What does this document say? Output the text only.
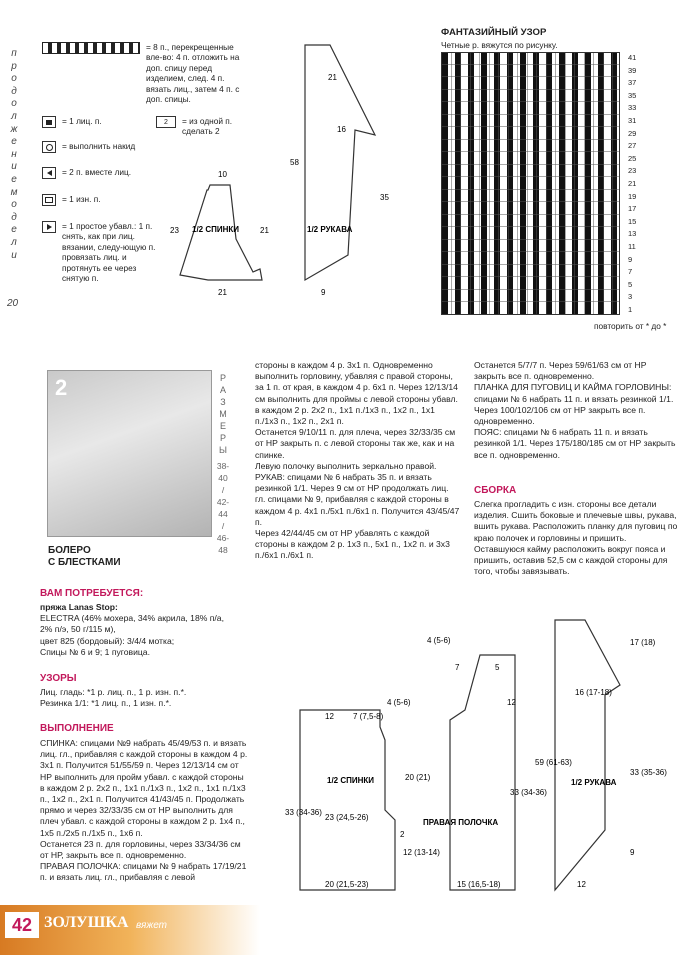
п
р
о
д
о
л
ж
е
н
и
е
м
о
д
е
л
и
20
= 8 п., перекрещенные вле-во: 4 п. отложить на доп. спицу перед изделием, след. 4 п. вязать лиц., затем 4 п. с доп. спицы.
= 1 лиц. п.
= выполнить накид
= 2 п. вместе лиц.
= 1 изн. п.
= 1 простое убавл.: 1 п. снять, как при лиц. вязании, следу-ющую п. провязать лиц. и протянуть ее через снятую п.
2	= из одной п. сделать 2
10
23
21
21
1/2 СПИНКИ
21
16
35
58
9
1/2 РУКАВА
ФАНТАЗИЙНЫЙ УЗОР
Четные р. вяжутся по рисунку.
41
39
37
35
33
31
29
27
25
23
21
19
17
15
13
11
9
7
5
3
1
повторить от * до *
2
БОЛЕРО
С БЛЕСТКАМИ
Р
А
З
М
Е
Р
Ы
38-
40
/
42-
44
/
46-
48
ВАМ ПОТРЕБУЕТСЯ:
пряжа Lanas Stop:
ELECTRA (46% мохера, 34% акрила, 18% п/а, 2% п/э, 50 г/115 м),
цвет 825 (бордовый): 3/4/4 мотка;
Спицы № 6 и 9; 1 пуговица.
УЗОРЫ
Лиц. гладь: *1 р. лиц. п., 1 р. изн. п.*.
Резинка 1/1: *1 лиц. п., 1 изн. п.*.
ВЫПОЛНЕНИЕ
СПИНКА: спицами №9 набрать 45/49/53 п. и вязать лиц. гл., прибавляя с каждой стороны в каждом 4 р. 3х1 п. Получится 51/55/59 п. Через 12/13/14 см от НР выполнить для пройм убавл. с каждой стороны в каждом 2 р. 2х2 п., 1х1 п./1х3 п., 1х2 п., 1х1 п./1х3 п., 1х2 п., 2х1 п. Получится 41/43/45 п. Продолжать прямо и через 32/33/35 см от НР выполнить для плеч убавл. с каждой стороны в каждом 2 р. 1х4 п., 1х5 п./2х5 п./1х5 п., 1х6 п.
Останется 23 п. для горловины, через 33/34/36 см от НР, закрыть все п. одновременно.
ПРАВАЯ ПОЛОЧКА: спицами № 9 набрать 17/19/21 п. и вязать лиц. гл., прибавляя с левой
стороны в каждом 4 р. 3х1 п. Одновременно выполнить горловину, убавляя с правой стороны, за 1 п. от края, в каждом 4 р. 6х1 п. Через 12/13/14 см выполнить для проймы с левой стороны убавл. в каждом 2 р. 2х2 п., 1х1 п./1х3 п., 1х2 п., 1х1 п./1х3 п., 1х2 п., 2х1 п.
Останется 9/10/11 п. для плеча, через 32/33/35 см от НР закрыть п. с левой стороны так же, как и на спинке.
Левую полочку выполнить зеркально правой.
РУКАВ: спицами № 6 набрать 35 п. и вязать резинкой 1/1. Через 9 см от НР продолжать лиц. гл. спицами № 9, прибавляя с каждой стороны в каждом 4 р. 4х1 п./5х1 п./6х1 п. Получится 43/45/47 п.
Через 42/44/45 см от НР убавлять с каждой стороны в каждом 2 р. 1х3 п., 5х1 п., 1х2 п. и 3х3 п./6х1 п./6х1 п.
Останется 5/7/7 п. Через 59/61/63 см от НР закрыть все п. одновременно.
ПЛАНКА ДЛЯ ПУГОВИЦ И КАЙМА ГОРЛОВИНЫ: спицами № 6 набрать 11 п. и вязать резинкой 1/1. Через 100/102/106 см от НР закрыть все п. одновременно.
ПОЯС: спицами № 6 набрать 11 п. и вязать резинкой 1/1. Через 175/180/185 см от НР закрыть все п. одновременно.
СБОРКА
Слегка прогладить с изн. стороны все детали изделия. Сшить боковые и плечевые швы, рукава, вшить рукава. Расположить планку для пуговиц по краю полочек и горловины и пришить. Оставшуюся кайму расположить вокруг пояса и пришить, оставив 52,5 см с каждой стороны для того, чтобы завязывать.
12 7 (7,5-8)
4 (5-6)
20 (21)
33 (34-36)
23 (24,5-26)
2
20 (21,5-23)
1/2 СПИНКИ
4 (5-6)
7	5
12
33 (34-36)
12 (13-14)
15 (16,5-18)
ПРАВАЯ ПОЛОЧКА
16 (17-18)
17 (18)
59 (61-63)
33 (35-36)
9
12
1/2 РУКАВА
42 ЗОЛУШКА вяжет
